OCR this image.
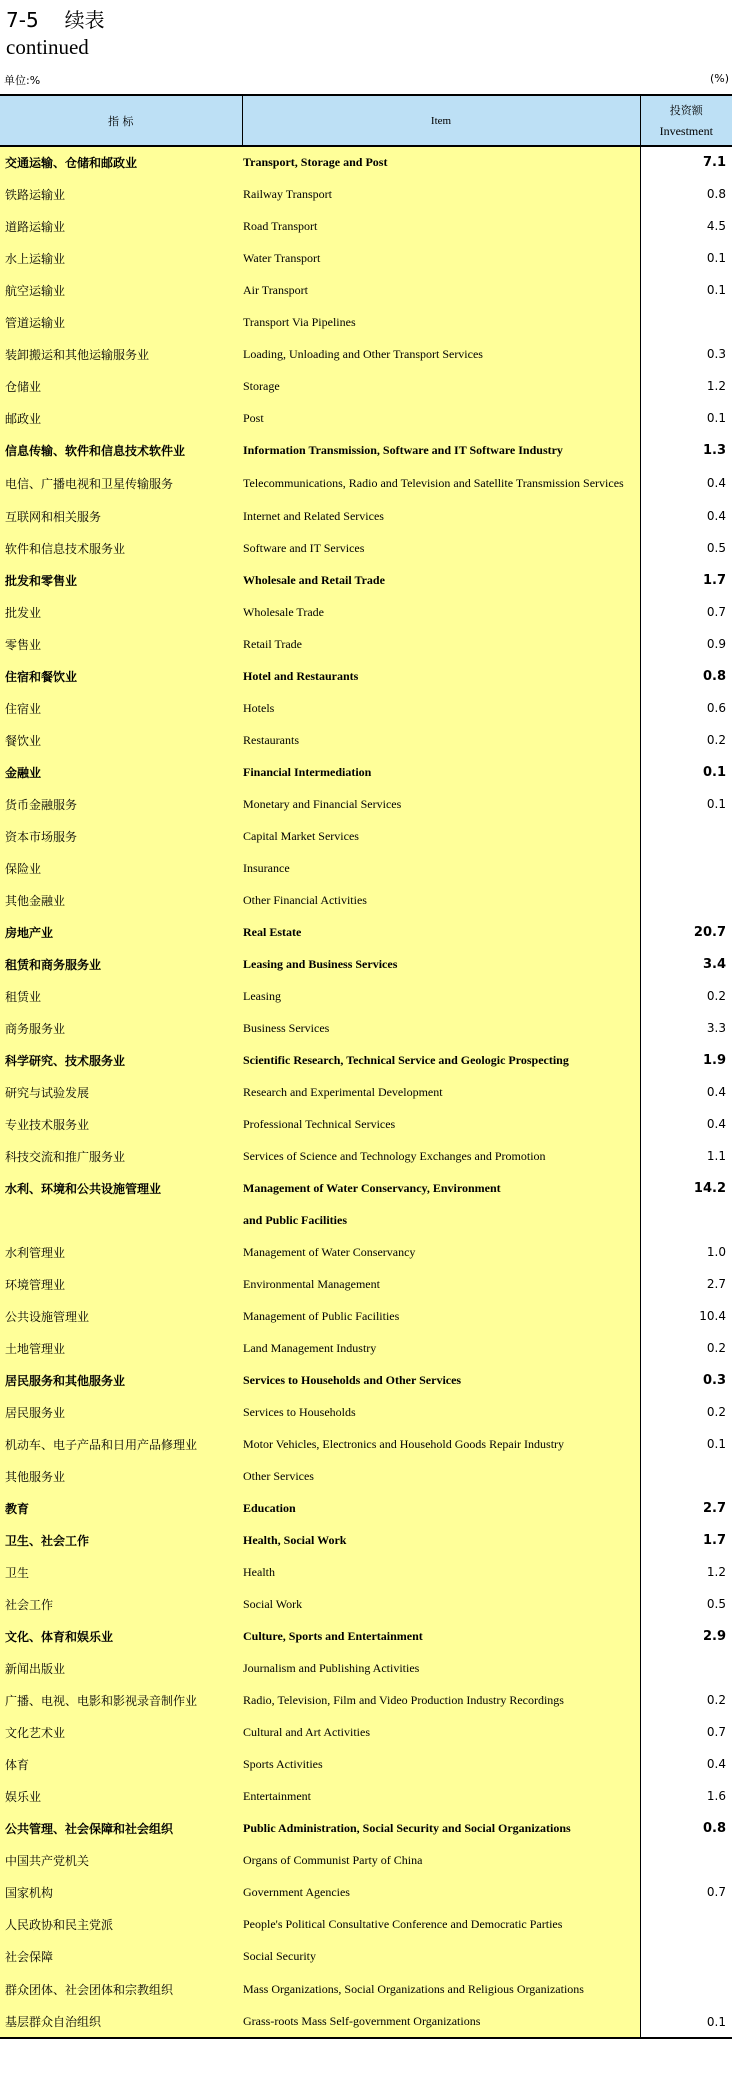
7-5 续表
continued
单位:%	(%)
指 标	Item	投资额
Investment

交通运输、仓储和邮政业	Transport, Storage and Post	7.1
铁路运输业	Railway Transport	0.8
道路运输业	Road Transport	4.5
水上运输业	Water Transport	0.1
航空运输业	Air Transport	0.1
管道运输业	Transport Via Pipelines	
装卸搬运和其他运输服务业	Loading, Unloading and Other Transport Services	0.3
仓储业	Storage	1.2
邮政业	Post	0.1
信息传输、软件和信息技术软件业	Information Transmission, Software and IT Software Industry	1.3
电信、广播电视和卫星传输服务	Telecommunications, Radio and Television and Satellite Transmission Services	0.4
互联网和相关服务	Internet and Related Services	0.4
软件和信息技术服务业	Software and IT Services	0.5
批发和零售业	Wholesale and Retail Trade	1.7
批发业	Wholesale Trade	0.7
零售业	Retail Trade	0.9
住宿和餐饮业	Hotel and Restaurants	0.8
住宿业	Hotels	0.6
餐饮业	Restaurants	0.2
金融业	Financial Intermediation	0.1
货币金融服务	Monetary and Financial Services	0.1
资本市场服务	Capital Market Services	
保险业	Insurance	
其他金融业	Other Financial Activities	
房地产业	Real Estate	20.7
租赁和商务服务业	Leasing and Business Services	3.4
租赁业	Leasing	0.2
商务服务业	Business Services	3.3
科学研究、技术服务业	Scientific Research, Technical Service and Geologic Prospecting	1.9
研究与试验发展	Research and Experimental Development	0.4
专业技术服务业	Professional Technical Services	0.4
科技交流和推广服务业	Services of Science and Technology Exchanges and Promotion	1.1
水利、环境和公共设施管理业	Management of Water Conservancy, Environment	14.2
	and Public Facilities	
水利管理业	Management of Water Conservancy	1.0
环境管理业	Environmental Management	2.7
公共设施管理业	Management of Public Facilities	10.4
土地管理业	Land Management Industry	0.2
居民服务和其他服务业	Services to Households and Other Services	0.3
居民服务业	Services to Households	0.2
机动车、电子产品和日用产品修理业	Motor Vehicles, Electronics and Household Goods Repair Industry	0.1
其他服务业	Other Services	
教育	Education	2.7
卫生、社会工作	Health, Social Work	1.7
卫生	Health	1.2
社会工作	Social Work	0.5
文化、体育和娱乐业	Culture, Sports and Entertainment	2.9
新闻出版业	Journalism and Publishing Activities	
广播、电视、电影和影视录音制作业	Radio, Television, Film and Video Production Industry Recordings	0.2
文化艺术业	Cultural and Art Activities	0.7
体育	Sports Activities	0.4
娱乐业	Entertainment	1.6
公共管理、社会保障和社会组织	Public Administration, Social Security and Social Organizations	0.8
中国共产党机关	Organs of Communist Party of China	
国家机构	Government Agencies	0.7
人民政协和民主党派	People's Political Consultative Conference and Democratic Parties	
社会保障	Social Security	
群众团体、社会团体和宗教组织	Mass Organizations, Social Organizations and Religious Organizations	
基层群众自治组织	Grass-roots Mass Self-government Organizations	0.1
